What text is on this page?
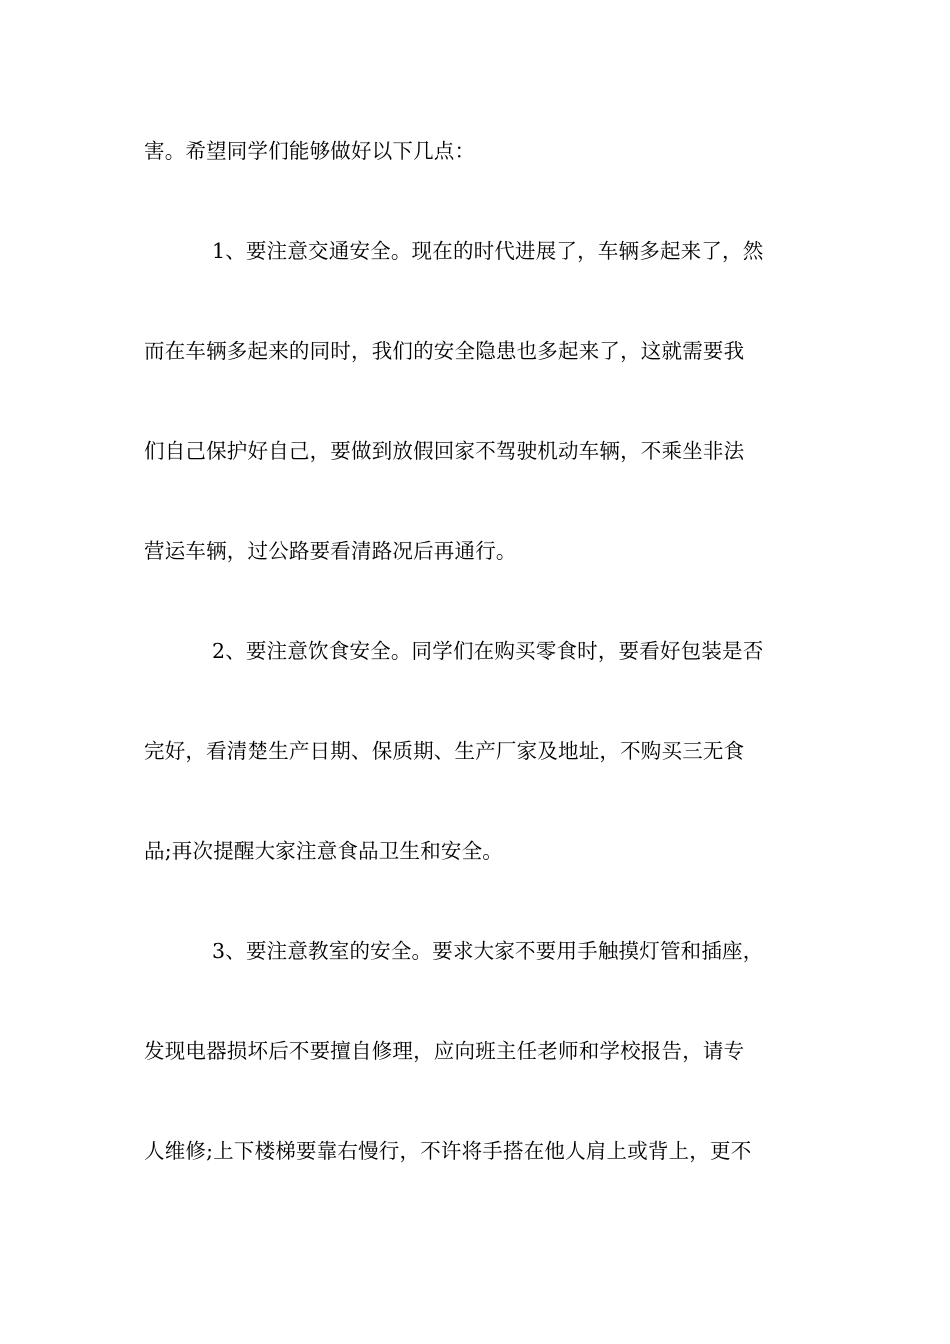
害。希望同学们能够做好以下几点：
1、要注意交通安全。现在的时代进展了，车辆多起来了，然
而在车辆多起来的同时，我们的安全隐患也多起来了，这就需要我
们自己保护好自己，要做到放假回家不驾驶机动车辆，不乘坐非法
营运车辆，过公路要看清路况后再通行。
2、要注意饮食安全。同学们在购买零食时，要看好包装是否
完好，看清楚生产日期、保质期、生产厂家及地址，不购买三无食
品;再次提醒大家注意食品卫生和安全。
3、要注意教室的安全。要求大家不要用手触摸灯管和插座，
发现电器损坏后不要擅自修理，应向班主任老师和学校报告，请专
人维修;上下楼梯要靠右慢行，不许将手搭在他人肩上或背上，更不
